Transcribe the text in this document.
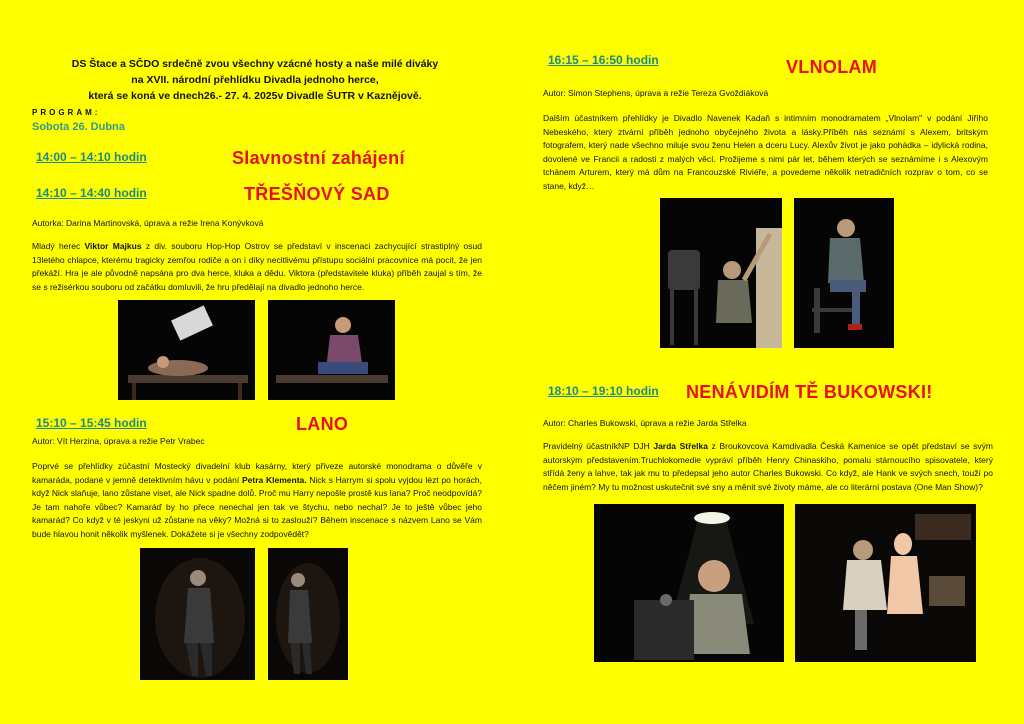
DS Štace a SČDO srdečně zvou všechny vzácné hosty a naše milé diváky
na XVII. národní přehlídku Divadla jednoho herce,
která se koná ve dnech26.- 27. 4. 2025v Divadle ŠUTR v Kaznějově.
PROGRAM:
Sobota 26. Dubna
14:00 – 14:10 hodin	Slavnostní zahájení
14:10 – 14:40 hodin	TŘEŠŇOVÝ SAD
Autorka: Darina Martinovská, úprava a režie Irena Konývková
Mladý herec Viktor Majkus z div. souboru Hop-Hop Ostrov se představí v inscenaci zachycující strastiplný osud 13letého chlapce, kterému tragicky zemřou rodiče a on i díky necitlivému přístupu sociální pracovnice má pocit, že jen překáží. Hra je ale původně napsána pro dva herce, kluka a dědu. Viktora (představitele kluka) příběh zaujal s tím, že se s režisérkou souboru od začátku domluvili, že hru předělají na divadlo jednoho herce.
15:10 – 15:45 hodin	LANO
Autor: Vít Herzina, úprava a režie Petr Vrabec
Poprvé se přehlídky zúčastní Mostecký divadelní klub kasárny, který přiveze autorské monodrama o důvěře v kamaráda, podané v jemně detektivním hávu v podání Petra Klementa. Nick s Harrym si spolu vyjdou lézt po horách, když Nick slaňuje, lano zůstane viset, ale Nick spadne dolů. Proč mu Harry nepošle prostě kus lana? Proč neodpovídá? Je tam nahoře vůbec? Kamaráď by ho přece nenechal jen tak ve štychu, nebo nechal? Je to ještě vůbec jeho kamarád? Co když v té jeskyni už zůstane na věky? Možná si to zaslouží? Během inscenace s názvem Lano se Vám bude hlavou honit několik myšlenek. Dokážete si je všechny zodpovědět?
16:15 – 16:50 hodin	VLNOLAM
Autor: Simon Stephens, úprava a režie Tereza Gvoždiáková
Dalším účastníkem přehlídky je Divadlo Navenek Kadaň s intimním monodramatem „Vlnolam" v podání Jiřího Nebeského, který ztvární příběh jednoho obyčejného života a lásky.Příběh nás seznámí s Alexem, britským fotografem, který nade všechno miluje svou ženu Helen a dceru Lucy. Alexův život je jako pohádka – idylická rodina, dovolené ve Francii a radosti z malých věcí. Prožijeme s nimi pár let, během kterých se seznámíme i s Alexovým tchánem Arturem, který má dům na Francouzské Riviéře, a povedeme několik netradičních rozprav o tom, co se stane, když…
18:10 – 19:10 hodin NENÁVIDÍM TĚ BUKOWSKI!
Autor: Charles Bukowski, úprava a režie Jarda Střelka
Pravidelný účastníkNP DJH Jarda Střelka z Broukovcova Kamdivadla Česká Kamenice se opět představí se svým autorským představením.Truchlokomedie vypráví příběh Henry Chinaskiho, pomalu stárnoucího spisovatele, který střídá ženy a lahve, tak jak mu to předepsal jeho autor Charles Bukowski. Co když, ale Hank ve svých snech, touží po něčem jiném? My tu možnost uskutečnit své sny a měnit své životy máme, ale co literární postava (One Man Show)?
